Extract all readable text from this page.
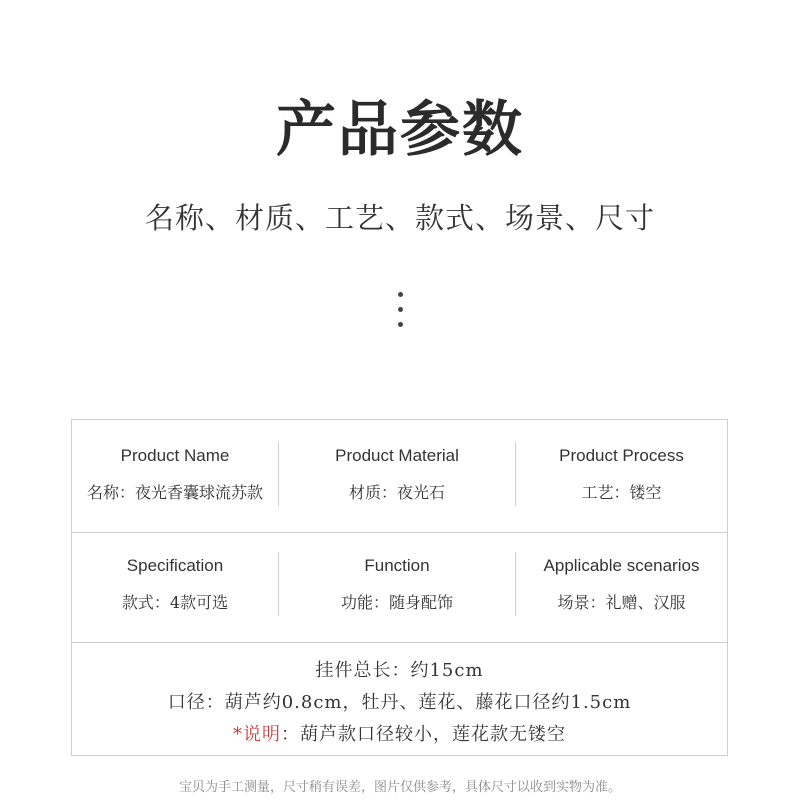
产品参数
名称、材质、工艺、款式、场景、尺寸
Product Name
名称：夜光香囊球流苏款
Product Material
材质：夜光石
Product Process
工艺：镂空
Specification
款式：4款可选
Function
功能：随身配饰
Applicable scenarios
场景：礼赠、汉服
挂件总长：约15cm
口径：葫芦约0.8cm，牡丹、莲花、藤花口径约1.5cm
*说明：葫芦款口径较小，莲花款无镂空
宝贝为手工测量，尺寸稍有误差，图片仅供参考，具体尺寸以收到实物为准。
